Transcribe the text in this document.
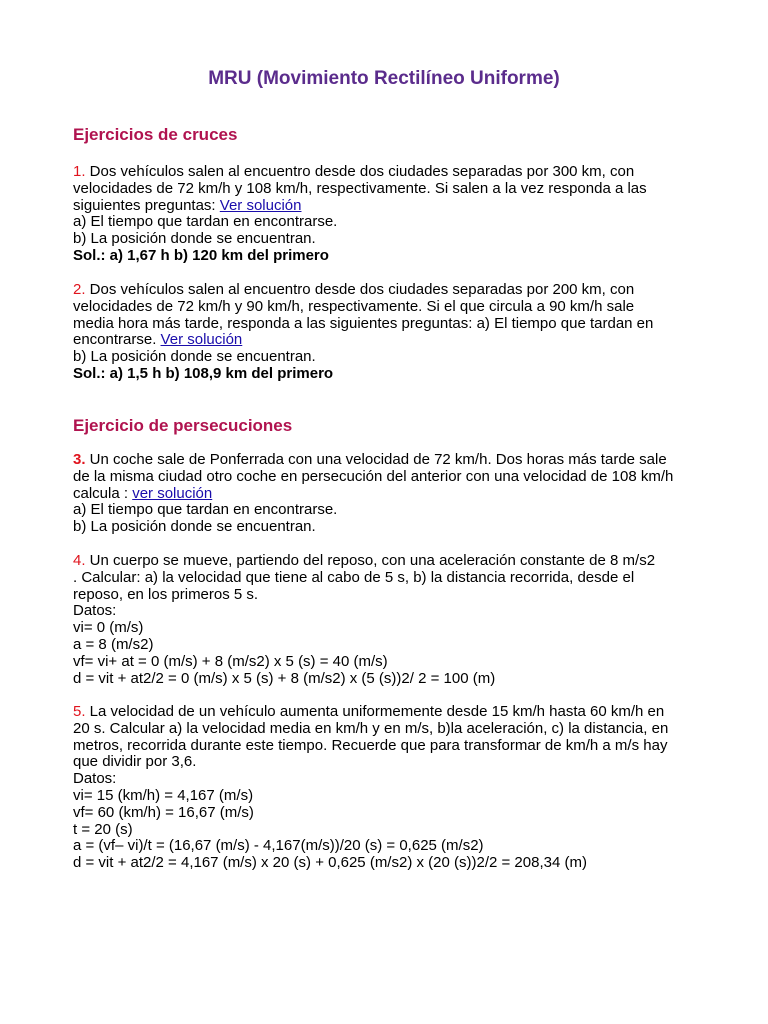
MRU (Movimiento Rectilíneo Uniforme)
Ejercicios de cruces
1. Dos vehículos salen al encuentro desde dos ciudades separadas por 300 km, con
velocidades de 72 km/h y 108 km/h, respectivamente. Si salen a la vez responda a las
siguientes preguntas: Ver solución
a) El tiempo que tardan en encontrarse.
b) La posición donde se encuentran.
Sol.: a) 1,67 h b) 120 km del primero
2. Dos vehículos salen al encuentro desde dos ciudades separadas por 200 km, con
velocidades de 72 km/h y 90 km/h, respectivamente. Si el que circula a 90 km/h sale
media hora más tarde, responda a las siguientes preguntas: a) El tiempo que tardan en
encontrarse. Ver solución
b) La posición donde se encuentran.
Sol.: a) 1,5 h b) 108,9 km del primero
Ejercicio de persecuciones
3. Un coche sale de Ponferrada con una velocidad de 72 km/h. Dos horas más tarde sale
de la misma ciudad otro coche en persecución del anterior con una velocidad de 108 km/h
calcula : ver solución
a) El tiempo que tardan en encontrarse.
b) La posición donde se encuentran.
4. Un cuerpo se mueve, partiendo del reposo, con una aceleración constante de 8 m/s2
. Calcular: a) la velocidad que tiene al cabo de 5 s, b) la distancia recorrida, desde el
reposo, en los primeros 5 s.
Datos:
vi= 0 (m/s)
a = 8 (m/s2)
vf= vi+ at = 0 (m/s) + 8 (m/s2) x 5 (s) = 40 (m/s)
d = vit + at2/2 = 0 (m/s) x 5 (s) + 8 (m/s2) x (5 (s))2/ 2 = 100 (m)
5. La velocidad de un vehículo aumenta uniformemente desde 15 km/h hasta 60 km/h en
20 s. Calcular a) la velocidad media en km/h y en m/s, b)la aceleración, c) la distancia, en
metros, recorrida durante este tiempo. Recuerde que para transformar de km/h a m/s hay
que dividir por 3,6.
Datos:
vi= 15 (km/h) = 4,167 (m/s)
vf= 60 (km/h) = 16,67 (m/s)
t = 20 (s)
a = (vf– vi)/t = (16,67 (m/s) - 4,167(m/s))/20 (s) = 0,625 (m/s2)
d = vit + at2/2 = 4,167 (m/s) x 20 (s) + 0,625 (m/s2) x (20 (s))2/2 = 208,34 (m)
